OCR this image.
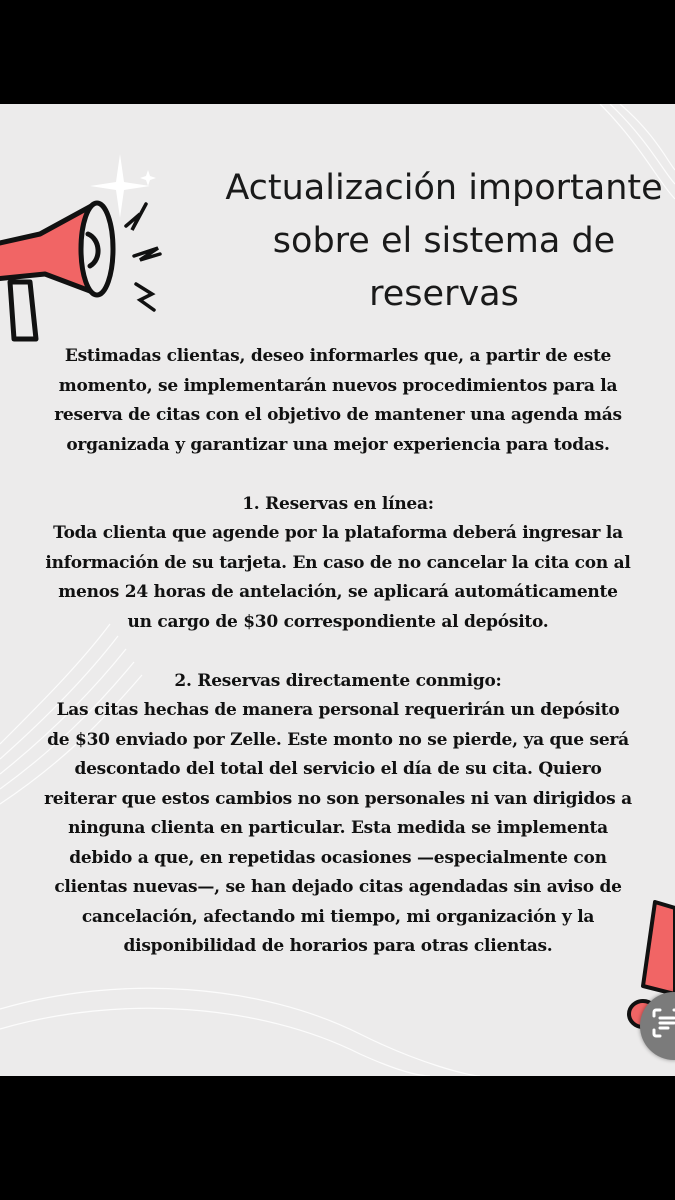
Actualización importante sobre el sistema de reservas

Estimadas clientas, deseo informarles que, a partir de este momento, se implementarán nuevos procedimientos para la reserva de citas con el objetivo de mantener una agenda más organizada y garantizar una mejor experiencia para todas.

1. Reservas en línea:

Toda clienta que agende por la plataforma deberá ingresar la información de su tarjeta. En caso de no cancelar la cita con al menos 24 horas de antelación, se aplicará automáticamente un cargo de $30 correspondiente al depósito.

2. Reservas directamente conmigo:

Las citas hechas de manera personal requerirán un depósito de $30 enviado por Zelle. Este monto no se pierde, ya que será descontado del total del servicio el día de su cita. Quiero reiterar que estos cambios no son personales ni van dirigidos a ninguna clienta en particular. Esta medida se implementa debido a que, en repetidas ocasiones —especialmente con clientas nuevas—, se han dejado citas agendadas sin aviso de cancelación, afectando mi tiempo, mi organización y la disponibilidad de horarios para otras clientas.
